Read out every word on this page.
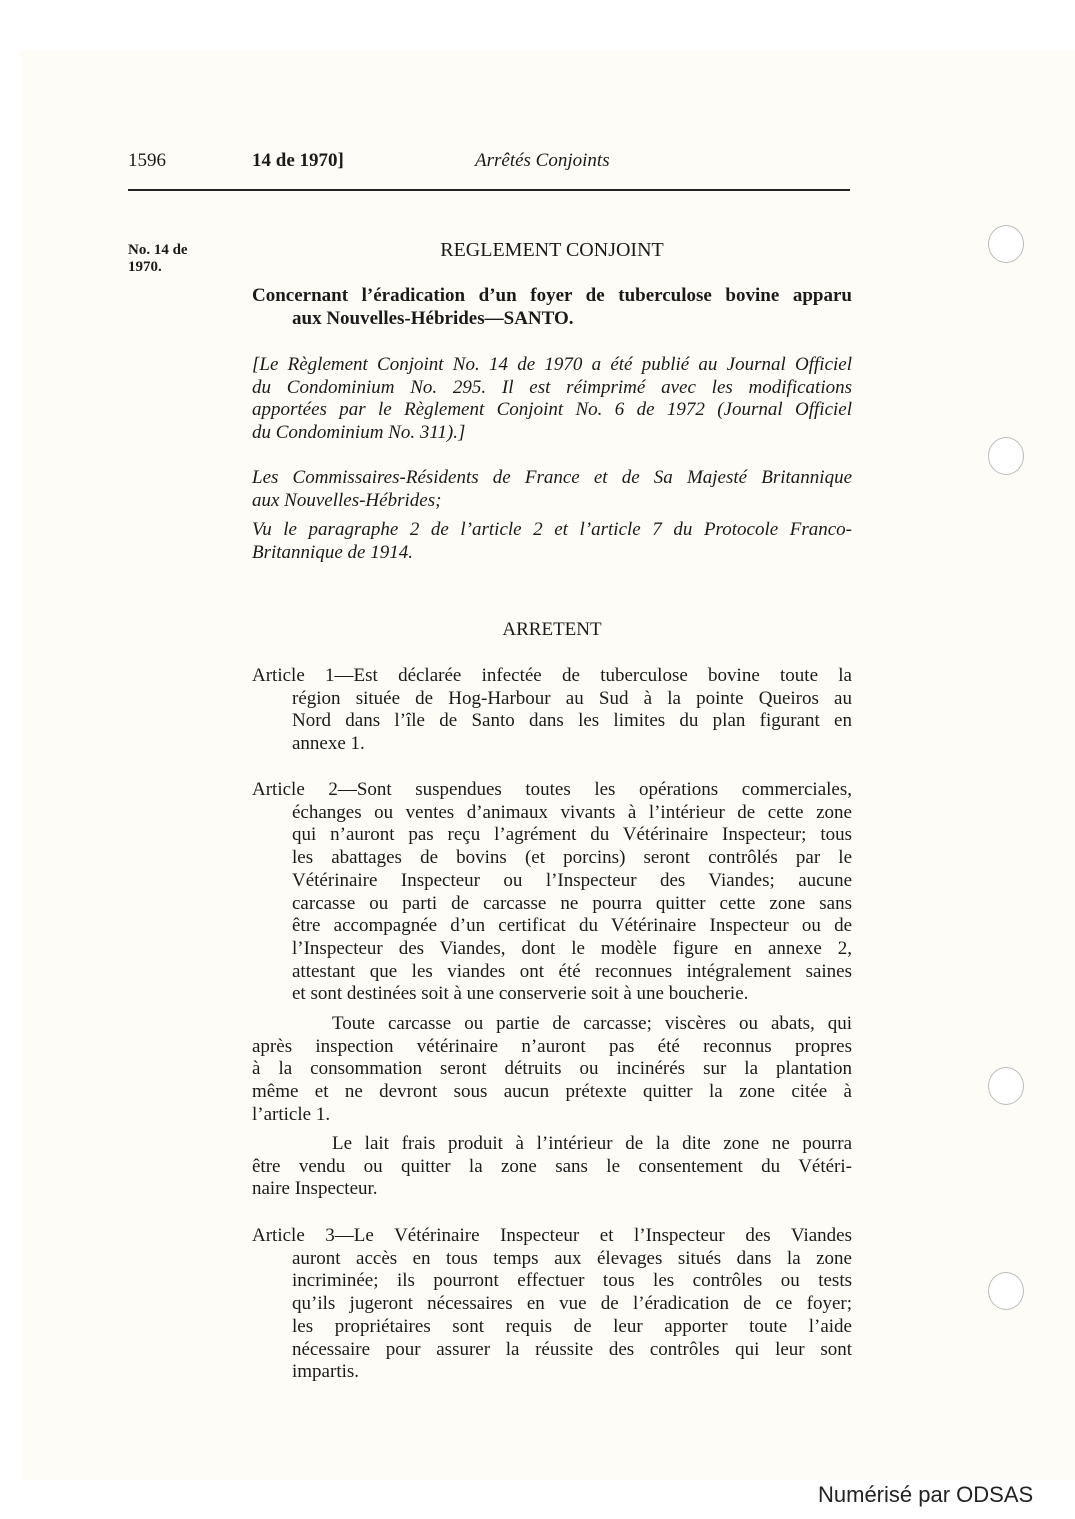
1596	14 de 1970]	Arrêtés Conjoints
No. 14 de
1970.
REGLEMENT CONJOINT
Concernant l’éradication d’un foyer de tuberculose bovine apparu
aux Nouvelles-Hébrides—SANTO.
[Le Règlement Conjoint No. 14 de 1970 a été publié au Journal Officiel
du Condominium No. 295. Il est réimprimé avec les modifications
apportées par le Règlement Conjoint No. 6 de 1972 (Journal Officiel
du Condominium No. 311).]
Les Commissaires-Résidents de France et de Sa Majesté Britannique
aux Nouvelles-Hébrides;
Vu le paragraphe 2 de l’article 2 et l’article 7 du Protocole Franco-
Britannique de 1914.
ARRETENT
Article 1—Est déclarée infectée de tuberculose bovine toute la
région située de Hog-Harbour au Sud à la pointe Queiros au
Nord dans l’île de Santo dans les limites du plan figurant en
annexe 1.
Article 2—Sont suspendues toutes les opérations commerciales,
échanges ou ventes d’animaux vivants à l’intérieur de cette zone
qui n’auront pas reçu l’agrément du Vétérinaire Inspecteur; tous
les abattages de bovins (et porcins) seront contrôlés par le
Vétérinaire Inspecteur ou l’Inspecteur des Viandes; aucune
carcasse ou parti de carcasse ne pourra quitter cette zone sans
être accompagnée d’un certificat du Vétérinaire Inspecteur ou de
l’Inspecteur des Viandes, dont le modèle figure en annexe 2,
attestant que les viandes ont été reconnues intégralement saines
et sont destinées soit à une conserverie soit à une boucherie.
Toute carcasse ou partie de carcasse; viscères ou abats, qui
après inspection vétérinaire n’auront pas été reconnus propres
à la consommation seront détruits ou incinérés sur la plantation
même et ne devront sous aucun prétexte quitter la zone citée à
l’article 1.
Le lait frais produit à l’intérieur de la dite zone ne pourra
être vendu ou quitter la zone sans le consentement du Vétéri-
naire Inspecteur.
Article 3—Le Vétérinaire Inspecteur et l’Inspecteur des Viandes
auront accès en tous temps aux élevages situés dans la zone
incriminée; ils pourront effectuer tous les contrôles ou tests
qu’ils jugeront nécessaires en vue de l’éradication de ce foyer;
les propriétaires sont requis de leur apporter toute l’aide
nécessaire pour assurer la réussite des contrôles qui leur sont
impartis.
Numérisé par ODSAS
